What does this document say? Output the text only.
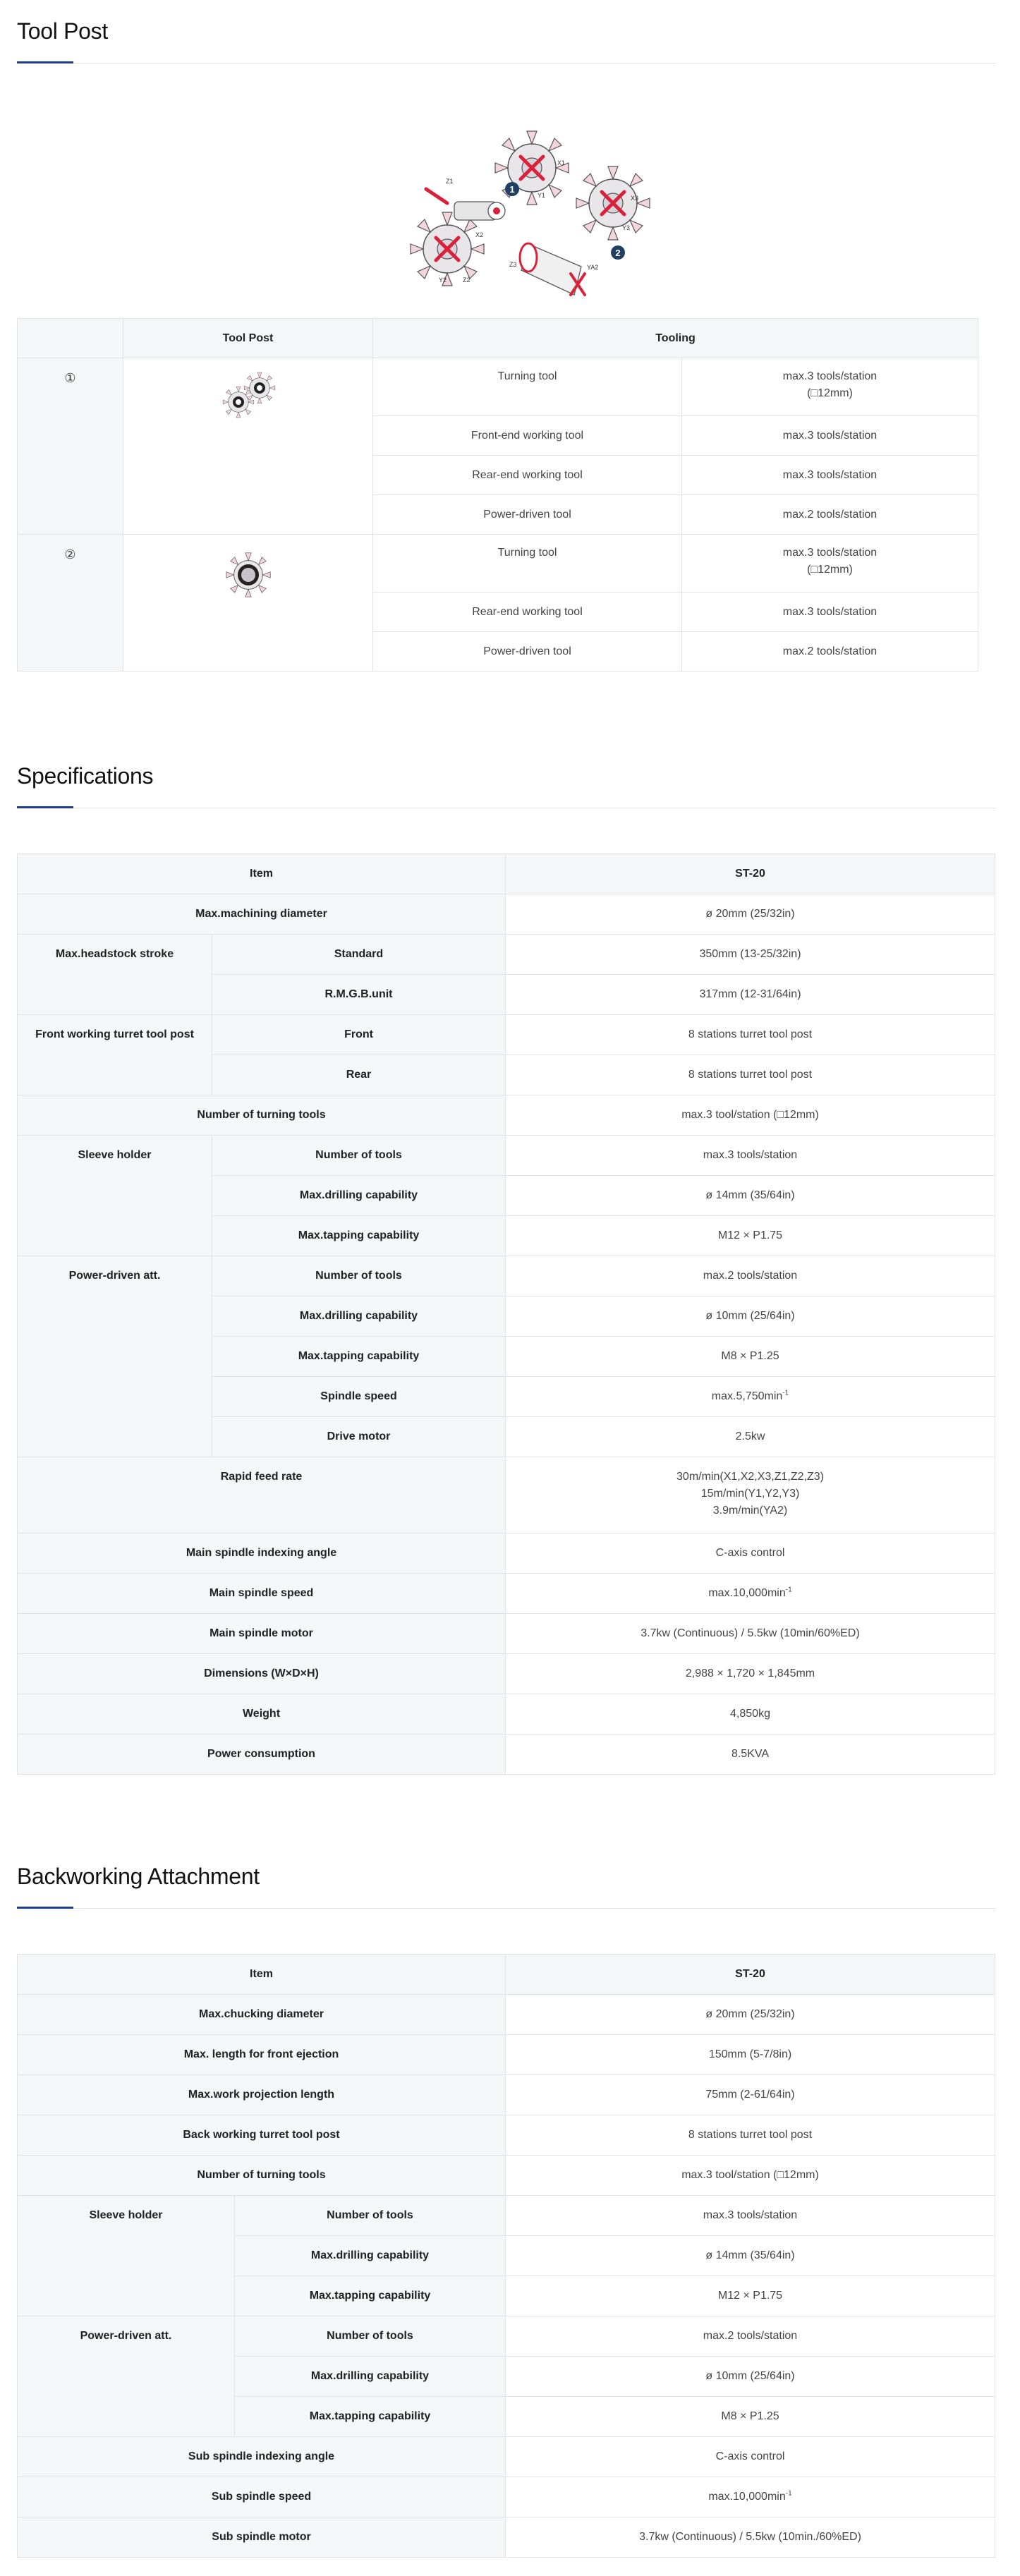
Tool Post
1
2
Z1
X1
Y1
X2
Y2	Z2
X3
Y3
Z3	YA2
	Tool Post	Tooling	
①		Turning tool	max.3 tools/station
(□12mm)

		Front-end working tool	max.3 tools/station
		Rear-end working tool	max.3 tools/station
		Power-driven tool	max.2 tools/station
②		Turning tool	max.3 tools/station
(□12mm)

		Rear-end working tool	max.3 tools/station
		Power-driven tool	max.2 tools/station
Specifications
Item		ST-20
Max.machining diameter		ø 20mm (25/32in)
Max.headstock stroke	Standard	350mm (13-25/32in)
	R.M.G.B.unit	317mm (12-31/64in)
Front working turret tool post	Front	8 stations turret tool post
	Rear	8 stations turret tool post
Number of turning tools		max.3 tool/station (□12mm)
Sleeve holder	Number of tools	max.3 tools/station
	Max.drilling capability	ø 14mm (35/64in)
	Max.tapping capability	M12 × P1.75
Power-driven att.	Number of tools	max.2 tools/station
	Max.drilling capability	ø 10mm (25/64in)
	Max.tapping capability	M8 × P1.25
	Spindle speed	$\max.5,750\min^{-1}$
	Drive motor	2.5kw
Rapid feed rate		30m/min(X1,X2,X3,Z1,Z2,Z3)
15m/min(Y1,Y2,Y3)
3.9m/min(YA2)

Main spindle indexing angle		C-axis control
Main spindle speed		$\max.10,000\min^{-1}$
Main spindle motor		3.7kw (Continuous) / 5.5kw (10min/60%ED)
Dimensions (W×D×H)		2,988 × 1,720 × 1,845mm
Weight		4,850kg
Power consumption		8.5KVA
Backworking Attachment
Item		ST-20
Max.chucking diameter		ø 20mm (25/32in)
Max. length for front ejection		150mm (5-7/8in)
Max.work projection length		75mm (2-61/64in)
Back working turret tool post		8 stations turret tool post
Number of turning tools		max.3 tool/station (□12mm)
Sleeve holder	Number of tools	max.3 tools/station
	Max.drilling capability	ø 14mm (35/64in)
	Max.tapping capability	M12 × P1.75
Power-driven att.	Number of tools	max.2 tools/station
	Max.drilling capability	ø 10mm (25/64in)
	Max.tapping capability	M8 × P1.25
Sub spindle indexing angle		C-axis control
Sub spindle speed		$\max.10,000\min^{-1}$
Sub spindle motor		3.7kw (Continuous) / 5.5kw (10min./60%ED)
